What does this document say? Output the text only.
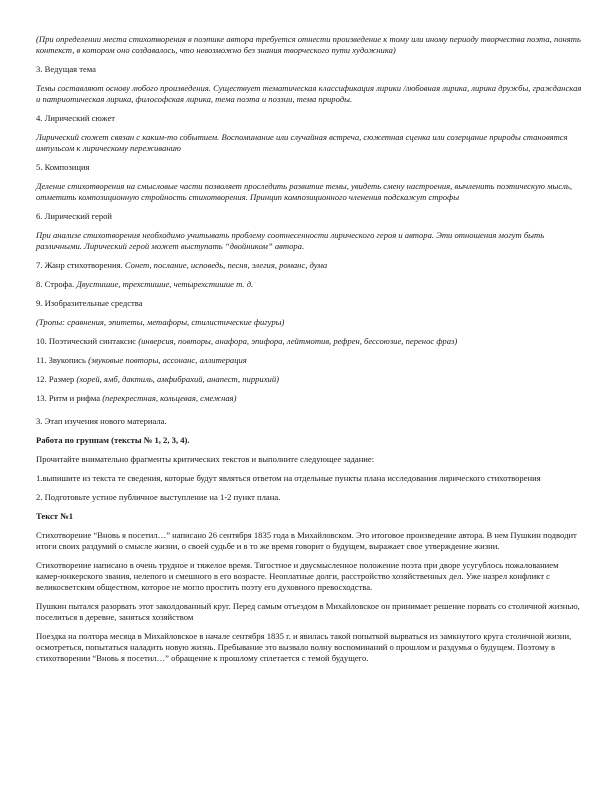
(При определении места стихотворения в поэтике автора требуется отнести произведение к тому или иному периоду творчества поэта, понять контекст, в котором оно создавалось, что невозможно без знания творческого пути художника)

3. Ведущая тема

Темы составляют основу любого произведения. Существует тематическая классификация лирики /любовная лирика, лирика дружбы, гражданская и патриотическая лирика, философская лирика, тема поэта и поэзии, тема природы.

4. Лирический сюжет

Лирический сюжет связан с каким-то событием. Воспоминание или случайная встреча, сюжетная сценка или созерцание природы становятся импульсом к лирическому переживанию

5. Композиция

Деление стихотворения на смысловые части позволяет проследить развитие темы, увидеть смену настроения, вычленить поэтическую мысль, отметить композиционную стройность стихотворения. Принцип композиционного членения подскажут строфы

6. Лирический герой

При анализе стихотворения необходимо учитывать проблему соотнесенности лирического героя и автора. Эти отношения могут быть различными. Лирический герой может выступать “двойником” автора.

7. Жанр стихотворения. Сонет, послание, исповедь, песня, элегия, романс, дума

8. Строфа. Двустишие, трехстишие, четырехстишие т. д.

9. Изобразительные средства

(Тропы: сравнения, эпитеты, метафоры, стилистические фигуры)

10. Поэтический синтаксис (инверсия, повторы, анафора, эпифора, лейтмотив, рефрен, бессоюзие, перенос фраз)

11. Звукопись (звуковые повторы, ассонанс, аллитерация

12. Размер (хорей, ямб, дактиль, амфибрахий, анапест, пиррихий)

13. Ритм и рифма (перекрестная, кольцевая, смежная)

3. Этап изучения нового материала.

Работа по группам (тексты № 1, 2, 3, 4).

Прочитайте внимательно фрагменты критических текстов и выполните следующее задание:

1.выпишите из текста те сведения, которые будут являться ответом на отдельные пункты плана исследования лирического стихотворения

2. Подготовьте устное публичное выступление на 1-2 пункт плана.

Текст №1

Стихотворение “Вновь я посетил…” написано 26 сентября 1835 года в Михайловском. Это итоговое произведение автора. В нем Пушкин подводит итоги своих раздумий о смысле жизни, о своей судьбе и в то же время говорит о будущем, выражает свое утверждение жизни.

Стихотворение написано в очень трудное и тяжелое время. Тягостное и двусмысленное положение поэта при дворе усугублось пожалованием камер-юнкерского звания, нелепого и смешного в его возрасте. Неоплатные долги, расстройство хозяйственных дел. Уже назрел конфликт с великосветским обществом, которое не могло простить поэту его духовного превосходства.

Пушкин пытался разорвать этот заколдованный круг. Перед самым отъездом в Михайловское он принимает решение порвать со столичной жизнью, поселиться в деревне, заняться хозяйством

Поездка на полтора месяца в Михайловское в начале сентября 1835 г. и явилась такой попыткой вырваться из замкнутого круга столичной жизни, осмотреться, попытаться наладить новую жизнь. Пребывание это вызвало волну воспоминаний о прошлом и раздумья о будущем. Поэтому в стихотворении “Вновь я посетил…” обращение к прошлому сплетается с темой будущего.
